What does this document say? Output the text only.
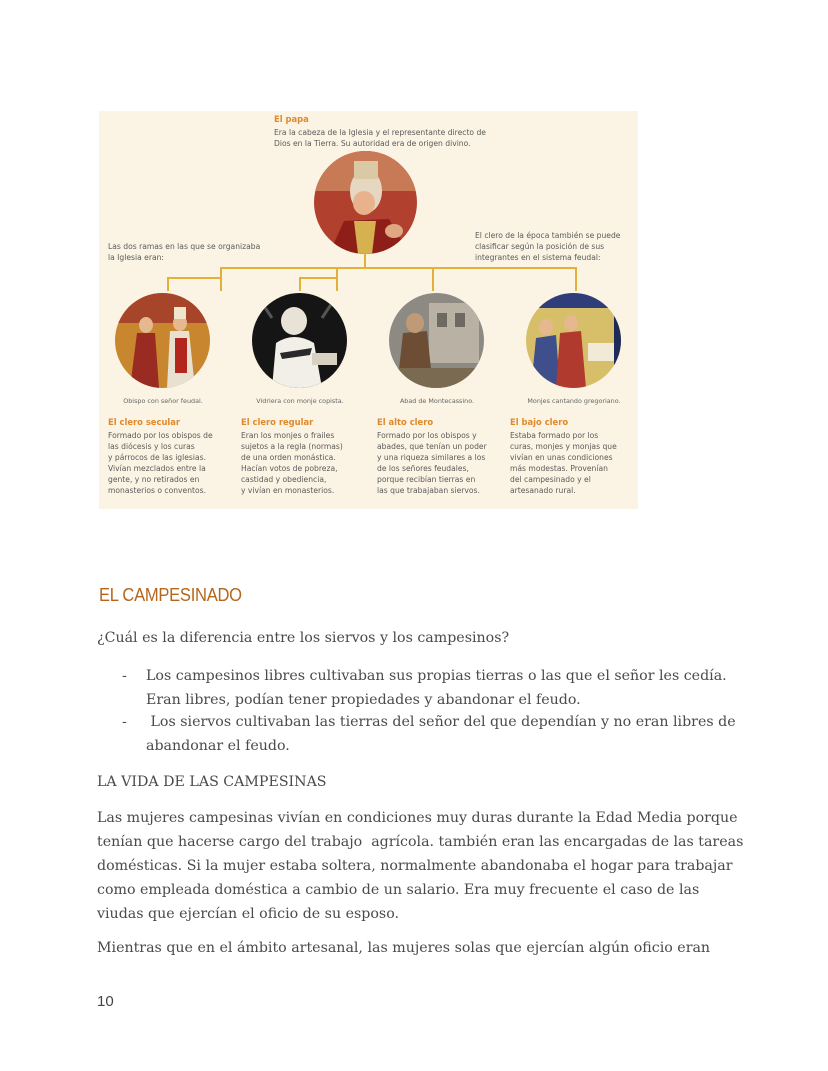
El papa
Era la cabeza de la Iglesia y el representante directo de
Dios en la Tierra. Su autoridad era de origen divino.
Las dos ramas en las que se organizaba
la Iglesia eran:
El clero de la época también se puede
clasificar según la posición de sus
integrantes en el sistema feudal:
Obispo con señor feudal.	Vidriera con monje copista.	Abad de Montecassino.	Monjes cantando gregoriano.
El clero secular
Formado por los obispos de
las diócesis y los curas
y párrocos de las iglesias.
Vivían mezclados entre la
gente, y no retirados en
monasterios o conventos.
El clero regular
Eran los monjes o frailes
sujetos a la regla (normas)
de una orden monástica.
Hacían votos de pobreza,
castidad y obediencia,
y vivían en monasterios.
El alto clero
Formado por los obispos y
abades, que tenían un poder
y una riqueza similares a los
de los señores feudales,
porque recibían tierras en
las que trabajaban siervos.
El bajo clero
Estaba formado por los
curas, monjes y monjas que
vivían en unas condiciones
más modestas. Provenían
del campesinado y el
artesanado rural.
EL CAMPESINADO
¿Cuál es la diferencia entre los siervos y los campesinos?
- Los campesinos libres cultivaban sus propias tierras o las que el señor les cedía.
Eran libres, podían tener propiedades y abandonar el feudo.
- Los siervos cultivaban las tierras del señor del que dependían y no eran libres de
abandonar el feudo.
LA VIDA DE LAS CAMPESINAS
Las mujeres campesinas vivían en condiciones muy duras durante la Edad Media porque
tenían que hacerse cargo del trabajo  agrícola. también eran las encargadas de las tareas
domésticas. Si la mujer estaba soltera, normalmente abandonaba el hogar para trabajar
como empleada doméstica a cambio de un salario. Era muy frecuente el caso de las
viudas que ejercían el oficio de su esposo.
Mientras que en el ámbito artesanal, las mujeres solas que ejercían algún oficio eran
10
